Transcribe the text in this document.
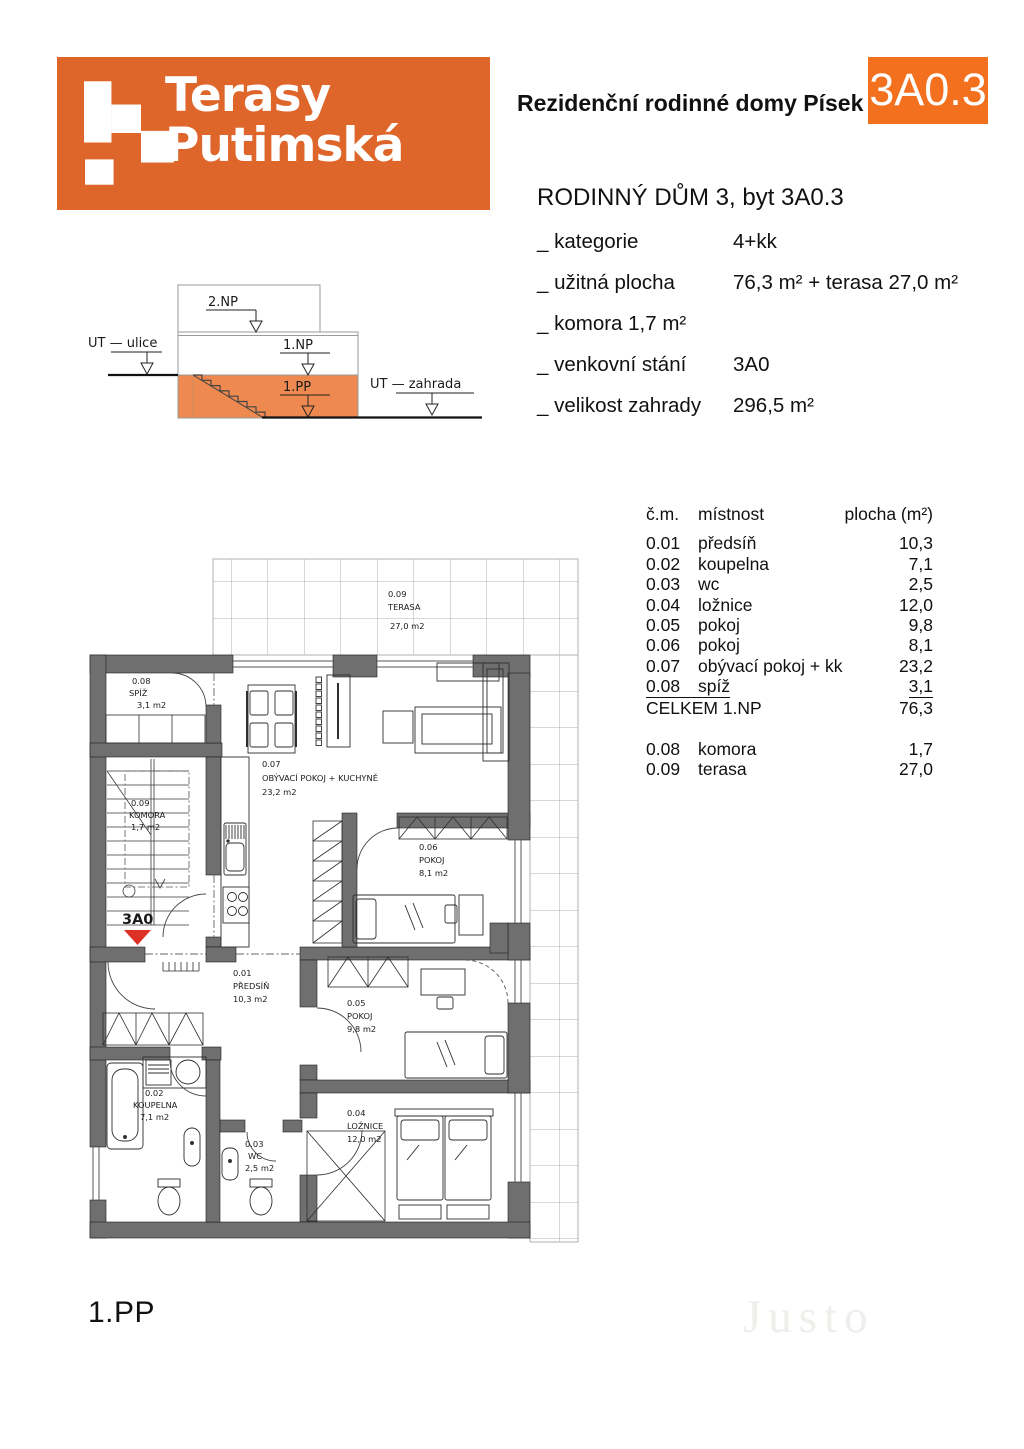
Terasy
Putimská
Rezidenční rodinné domy Písek 3A0.3
RODINNÝ DŮM 3, byt 3A0.3
_ kategorie	4+kk
_ užitná plocha	76,3 m² + terasa 27,0 m²
_ komora 1,7 m²
_ venkovní stání	3A0
_ velikost zahrady	296,5 m²
2.NP
1.NP
1.PP
UT — ulice
UT — zahrada
č.m.	místnost	plocha (m²)
0.01	předsíň	10,3
0.02	koupelna	7,1
0.03	wc	2,5
0.04	ložnice	12,0
0.05	pokoj	9,8
0.06	pokoj	8,1
0.07	obývací pokoj + kk	23,2
0.08	spíž	3,1
CELKEM 1.NP	76,3
0.08	komora	1,7
0.09	terasa	27,0
0.09
TERASA
27,0 m2
0.08
SPÍŽ
3,1 m2
0.09
KOMORA
1,7 m2
0.07
OBÝVACÍ POKOJ + KUCHYNĚ
23,2 m2
0.06
POKOJ
8,1 m2
0.01
PŘEDSÍŇ
10,3 m2	0.05
POKOJ
9,8 m2
0.04
LOŽNICE
12,0 m2
0.02
KOUPELNA
7,1 m2
0.03
WC
2,5 m2
3A0
1.PP	Justo
